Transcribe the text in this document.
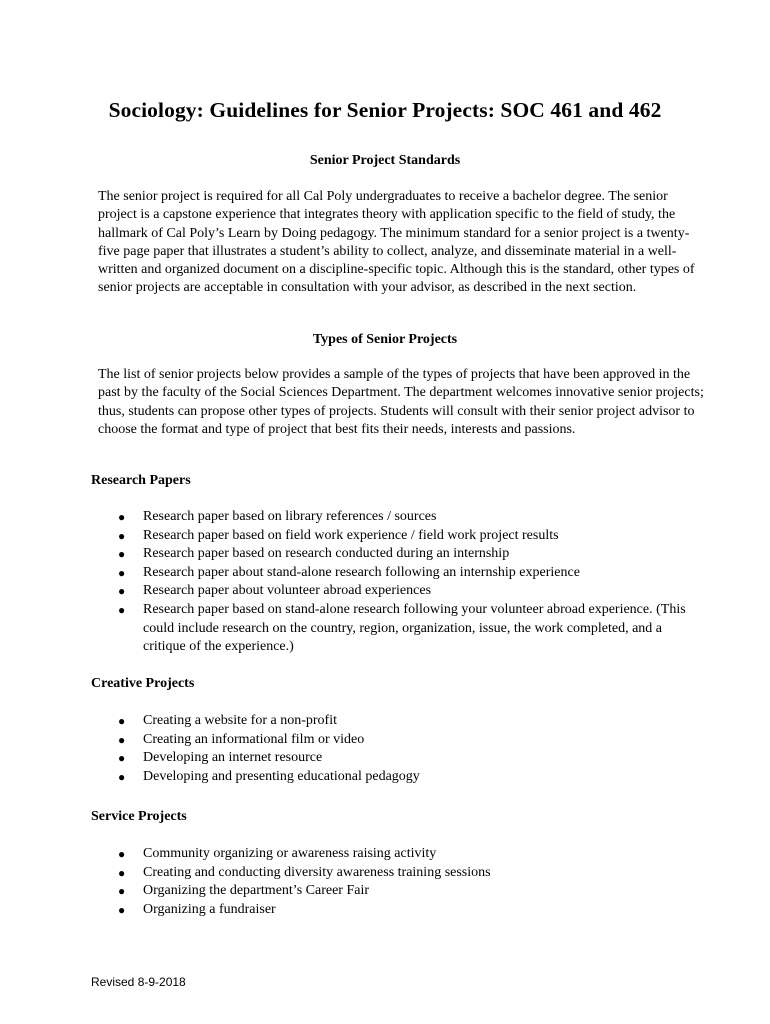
Sociology: Guidelines for Senior Projects: SOC 461 and 462
Senior Project Standards

The senior project is required for all Cal Poly undergraduates to receive a bachelor degree. The senior project is a capstone experience that integrates theory with application specific to the field of study, the hallmark of Cal Poly’s Learn by Doing pedagogy. The minimum standard for a senior project is a twenty-five page paper that illustrates a student’s ability to collect, analyze, and disseminate material in a well-written and organized document on a discipline-specific topic. Although this is the standard, other types of senior projects are acceptable in consultation with your advisor, as described in the next section.

Types of Senior Projects

The list of senior projects below provides a sample of the types of projects that have been approved in the past by the faculty of the Social Sciences Department. The department welcomes innovative senior projects; thus, students can propose other types of projects. Students will consult with their senior project advisor to choose the format and type of project that best fits their needs, interests and passions.

Research Papers
● Research paper based on library references / sources
● Research paper based on field work experience / field work project results
● Research paper based on research conducted during an internship
● Research paper about stand-alone research following an internship experience
● Research paper about volunteer abroad experiences
● Research paper based on stand-alone research following your volunteer abroad experience. (This could include research on the country, region, organization, issue, the work completed, and a critique of the experience.)
Creative Projects
● Creating a website for a non-profit
● Creating an informational film or video
● Developing an internet resource
● Developing and presenting educational pedagogy
Service Projects
● Community organizing or awareness raising activity
● Creating and conducting diversity awareness training sessions
● Organizing the department’s Career Fair
● Organizing a fundraiser

Revised 8-9-2018
